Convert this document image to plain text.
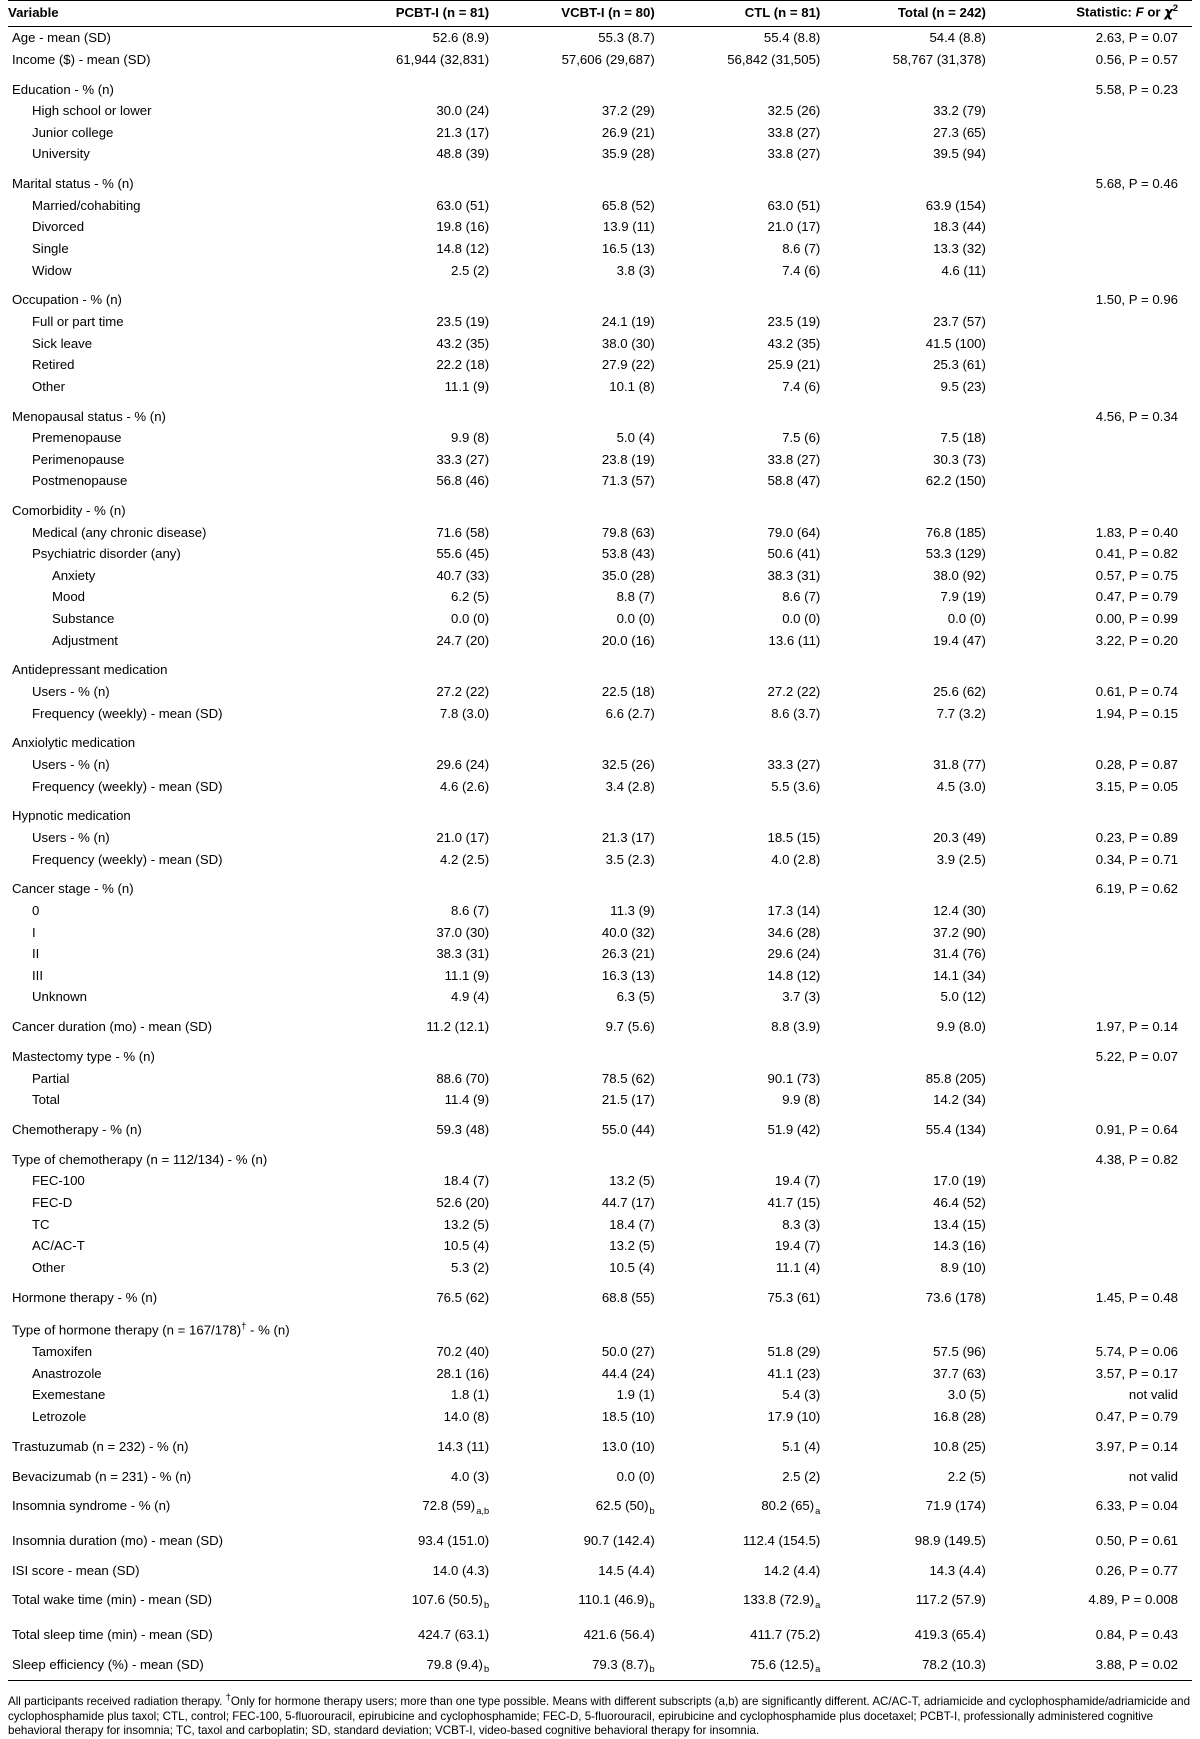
Variable	PCBT-I (n = 81)	VCBT-I (n = 80)	CTL (n = 81)	Total (n = 242)	Statistic: F or $\chi^2$
Age - mean (SD)	52.6 (8.9)	55.3 (8.7)	55.4 (8.8)	54.4 (8.8)	2.63, P = 0.07
Income ($) - mean (SD)	61,944 (32,831)	57,606 (29,687)	56,842 (31,505)	58,767 (31,378)	0.56, P = 0.57
Education - % (n)					5.58, P = 0.23
High school or lower	30.0 (24)	37.2 (29)	32.5 (26)	33.2 (79)	
Junior college	21.3 (17)	26.9 (21)	33.8 (27)	27.3 (65)	
University	48.8 (39)	35.9 (28)	33.8 (27)	39.5 (94)	
Marital status - % (n)					5.68, P = 0.46
Married/cohabiting	63.0 (51)	65.8 (52)	63.0 (51)	63.9 (154)	
Divorced	19.8 (16)	13.9 (11)	21.0 (17)	18.3 (44)	
Single	14.8 (12)	16.5 (13)	8.6 (7)	13.3 (32)	
Widow	2.5 (2)	3.8 (3)	7.4 (6)	4.6 (11)	
Occupation - % (n)					1.50, P = 0.96
Full or part time	23.5 (19)	24.1 (19)	23.5 (19)	23.7 (57)	
Sick leave	43.2 (35)	38.0 (30)	43.2 (35)	41.5 (100)	
Retired	22.2 (18)	27.9 (22)	25.9 (21)	25.3 (61)	
Other	11.1 (9)	10.1 (8)	7.4 (6)	9.5 (23)	
Menopausal status - % (n)					4.56, P = 0.34
Premenopause	9.9 (8)	5.0 (4)	7.5 (6)	7.5 (18)	
Perimenopause	33.3 (27)	23.8 (19)	33.8 (27)	30.3 (73)	
Postmenopause	56.8 (46)	71.3 (57)	58.8 (47)	62.2 (150)	
Comorbidity - % (n)					
Medical (any chronic disease)	71.6 (58)	79.8 (63)	79.0 (64)	76.8 (185)	1.83, P = 0.40
Psychiatric disorder (any)	55.6 (45)	53.8 (43)	50.6 (41)	53.3 (129)	0.41, P = 0.82
Anxiety	40.7 (33)	35.0 (28)	38.3 (31)	38.0 (92)	0.57, P = 0.75
Mood	6.2 (5)	8.8 (7)	8.6 (7)	7.9 (19)	0.47, P = 0.79
Substance	0.0 (0)	0.0 (0)	0.0 (0)	0.0 (0)	0.00, P = 0.99
Adjustment	24.7 (20)	20.0 (16)	13.6 (11)	19.4 (47)	3.22, P = 0.20
Antidepressant medication					
Users - % (n)	27.2 (22)	22.5 (18)	27.2 (22)	25.6 (62)	0.61, P = 0.74
Frequency (weekly) - mean (SD)	7.8 (3.0)	6.6 (2.7)	8.6 (3.7)	7.7 (3.2)	1.94, P = 0.15
Anxiolytic medication					
Users - % (n)	29.6 (24)	32.5 (26)	33.3 (27)	31.8 (77)	0.28, P = 0.87
Frequency (weekly) - mean (SD)	4.6 (2.6)	3.4 (2.8)	5.5 (3.6)	4.5 (3.0)	3.15, P = 0.05
Hypnotic medication					
Users - % (n)	21.0 (17)	21.3 (17)	18.5 (15)	20.3 (49)	0.23, P = 0.89
Frequency (weekly) - mean (SD)	4.2 (2.5)	3.5 (2.3)	4.0 (2.8)	3.9 (2.5)	0.34, P = 0.71
Cancer stage - % (n)					6.19, P = 0.62
0	8.6 (7)	11.3 (9)	17.3 (14)	12.4 (30)	
I	37.0 (30)	40.0 (32)	34.6 (28)	37.2 (90)	
II	38.3 (31)	26.3 (21)	29.6 (24)	31.4 (76)	
III	11.1 (9)	16.3 (13)	14.8 (12)	14.1 (34)	
Unknown	4.9 (4)	6.3 (5)	3.7 (3)	5.0 (12)	
Cancer duration (mo) - mean (SD)	11.2 (12.1)	9.7 (5.6)	8.8 (3.9)	9.9 (8.0)	1.97, P = 0.14
Mastectomy type - % (n)					5.22, P = 0.07
Partial	88.6 (70)	78.5 (62)	90.1 (73)	85.8 (205)	
Total	11.4 (9)	21.5 (17)	9.9 (8)	14.2 (34)	
Chemotherapy - % (n)	59.3 (48)	55.0 (44)	51.9 (42)	55.4 (134)	0.91, P = 0.64
Type of chemotherapy (n = 112/134) - % (n)					4.38, P = 0.82
FEC-100	18.4 (7)	13.2 (5)	19.4 (7)	17.0 (19)	
FEC-D	52.6 (20)	44.7 (17)	41.7 (15)	46.4 (52)	
TC	13.2 (5)	18.4 (7)	8.3 (3)	13.4 (15)	
AC/AC-T	10.5 (4)	13.2 (5)	19.4 (7)	14.3 (16)	
Other	5.3 (2)	10.5 (4)	11.1 (4)	8.9 (10)	
Hormone therapy - % (n)	76.5 (62)	68.8 (55)	75.3 (61)	73.6 (178)	1.45, P = 0.48
Type of hormone therapy (n = 167/178)† - % (n)					
Tamoxifen	70.2 (40)	50.0 (27)	51.8 (29)	57.5 (96)	5.74, P = 0.06
Anastrozole	28.1 (16)	44.4 (24)	41.1 (23)	37.7 (63)	3.57, P = 0.17
Exemestane	1.8 (1)	1.9 (1)	5.4 (3)	3.0 (5)	not valid
Letrozole	14.0 (8)	18.5 (10)	17.9 (10)	16.8 (28)	0.47, P = 0.79
Trastuzumab (n = 232) - % (n)	14.3 (11)	13.0 (10)	5.1 (4)	10.8 (25)	3.97, P = 0.14
Bevacizumab (n = 231) - % (n)	4.0 (3)	0.0 (0)	2.5 (2)	2.2 (5)	not valid
Insomnia syndrome - % (n)	72.8 $(59)_{a,b}$	62.5 $(50)_b$	80.2 $(65)_a$	71.9 (174)	6.33, P = 0.04
Insomnia duration (mo) - mean (SD)	93.4 (151.0)	90.7 (142.4)	112.4 (154.5)	98.9 (149.5)	0.50, P = 0.61
ISI score - mean (SD)	14.0 (4.3)	14.5 (4.4)	14.2 (4.4)	14.3 (4.4)	0.26, P = 0.77
Total wake time (min) - mean (SD)	107.6 $(50.5)_b$	110.1 $(46.9)_b$	133.8 $(72.9)_a$	117.2 (57.9)	4.89, P = 0.008
Total sleep time (min) - mean (SD)	424.7 (63.1)	421.6 (56.4)	411.7 (75.2)	419.3 (65.4)	0.84, P = 0.43
Sleep efficiency (%) - mean (SD)	79.8 $(9.4)_b$	79.3 $(8.7)_b$	75.6 $(12.5)_a$	78.2 (10.3)	3.88, P = 0.02
All participants received radiation therapy. †Only for hormone therapy users; more than one type possible. Means with different subscripts (a,b) are significantly different. AC/AC-T, adriamicide and cyclophosphamide/adriamicide and cyclophosphamide plus taxol; CTL, control; FEC-100, 5-fluorouracil, epirubicine and cyclophosphamide; FEC-D, 5-fluorouracil, epirubicine and cyclophosphamide plus docetaxel; PCBT-I, professionally administered cognitive behavioral therapy for insomnia; TC, taxol and carboplatin; SD, standard deviation; VCBT-I, video-based cognitive behavioral therapy for insomnia.
